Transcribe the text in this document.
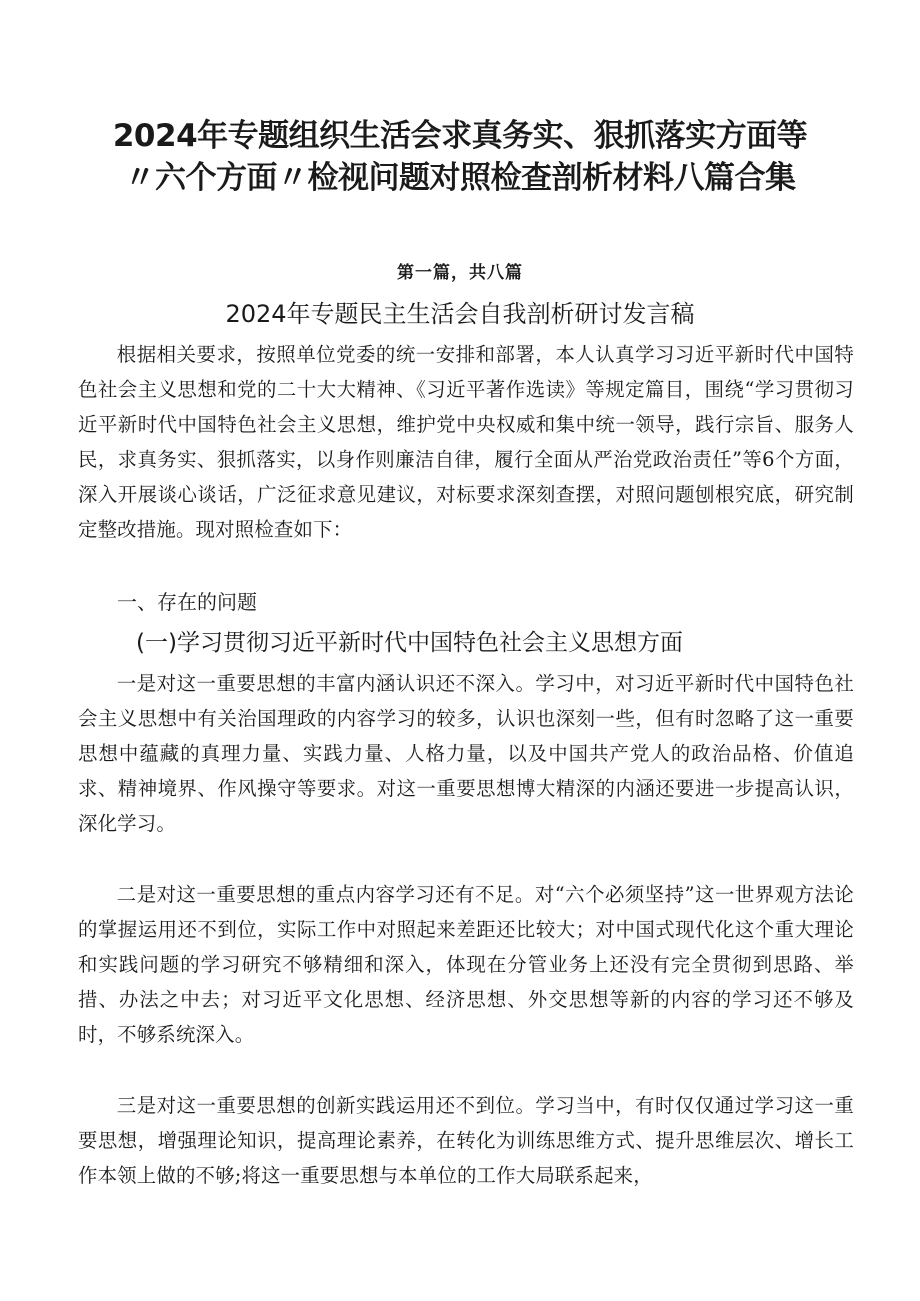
2024年专题组织生活会求真务实、狠抓落实方面等
〃六个方面〃检视问题对照检查剖析材料八篇合集
第一篇，共八篇
2024年专题民主生活会自我剖析研讨发言稿

根据相关要求，按照单位党委的统一安排和部署，本人认真学习习近平新时代中国特色社会主义思想和党的二十大大精神、《习近平著作选读》等规定篇目，围绕“学习贯彻习近平新时代中国特色社会主义思想，维护党中央权威和集中统一领导，践行宗旨、服务人民，求真务实、狠抓落实，以身作则廉洁自律，履行全面从严治党政治责任”等6个方面，深入开展谈心谈话，广泛征求意见建议，对标要求深刻查摆，对照问题刨根究底，研究制定整改措施。现对照检查如下：

一、存在的问题
(一)学习贯彻习近平新时代中国特色社会主义思想方面

一是对这一重要思想的丰富内涵认识还不深入。学习中，对习近平新时代中国特色社会主义思想中有关治国理政的内容学习的较多，认识也深刻一些，但有时忽略了这一重要思想中蕴藏的真理力量、实践力量、人格力量，以及中国共产党人的政治品格、价值追求、精神境界、作风操守等要求。对这一重要思想博大精深的内涵还要进一步提高认识，深化学习。

二是对这一重要思想的重点内容学习还有不足。对“六个必须坚持”这一世界观方法论的掌握运用还不到位，实际工作中对照起来差距还比较大；对中国式现代化这个重大理论和实践问题的学习研究不够精细和深入，体现在分管业务上还没有完全贯彻到思路、举措、办法之中去；对习近平文化思想、经济思想、外交思想等新的内容的学习还不够及时，不够系统深入。

三是对这一重要思想的创新实践运用还不到位。学习当中，有时仅仅通过学习这一重要思想，增强理论知识，提高理论素养，在转化为训练思维方式、提升思维层次、增长工作本领上做的不够;将这一重要思想与本单位的工作大局联系起来，
